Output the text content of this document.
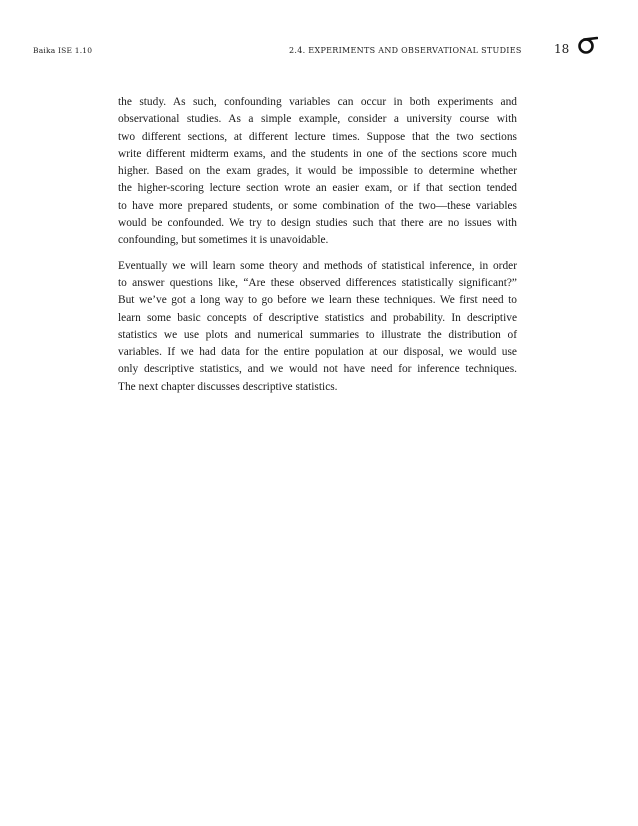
Baika ISE 1.10	2.4. EXPERIMENTS AND OBSERVATIONAL STUDIES	18
the study. As such, confounding variables can occur in both experiments and
observational studies. As a simple example, consider a university course with
two different sections, at different lecture times. Suppose that the two sections
write different midterm exams, and the students in one of the sections score much
higher. Based on the exam grades, it would be impossible to determine whether
the higher-scoring lecture section wrote an easier exam, or if that section tended
to have more prepared students, or some combination of the two—these variables
would be confounded. We try to design studies such that there are no issues with
confounding, but sometimes it is unavoidable.
Eventually we will learn some theory and methods of statistical inference, in order
to answer questions like, “Are these observed differences statistically significant?”
But we’ve got a long way to go before we learn these techniques. We first need to
learn some basic concepts of descriptive statistics and probability. In descriptive
statistics we use plots and numerical summaries to illustrate the distribution of
variables. If we had data for the entire population at our disposal, we would use
only descriptive statistics, and we would not have need for inference techniques.
The next chapter discusses descriptive statistics.
